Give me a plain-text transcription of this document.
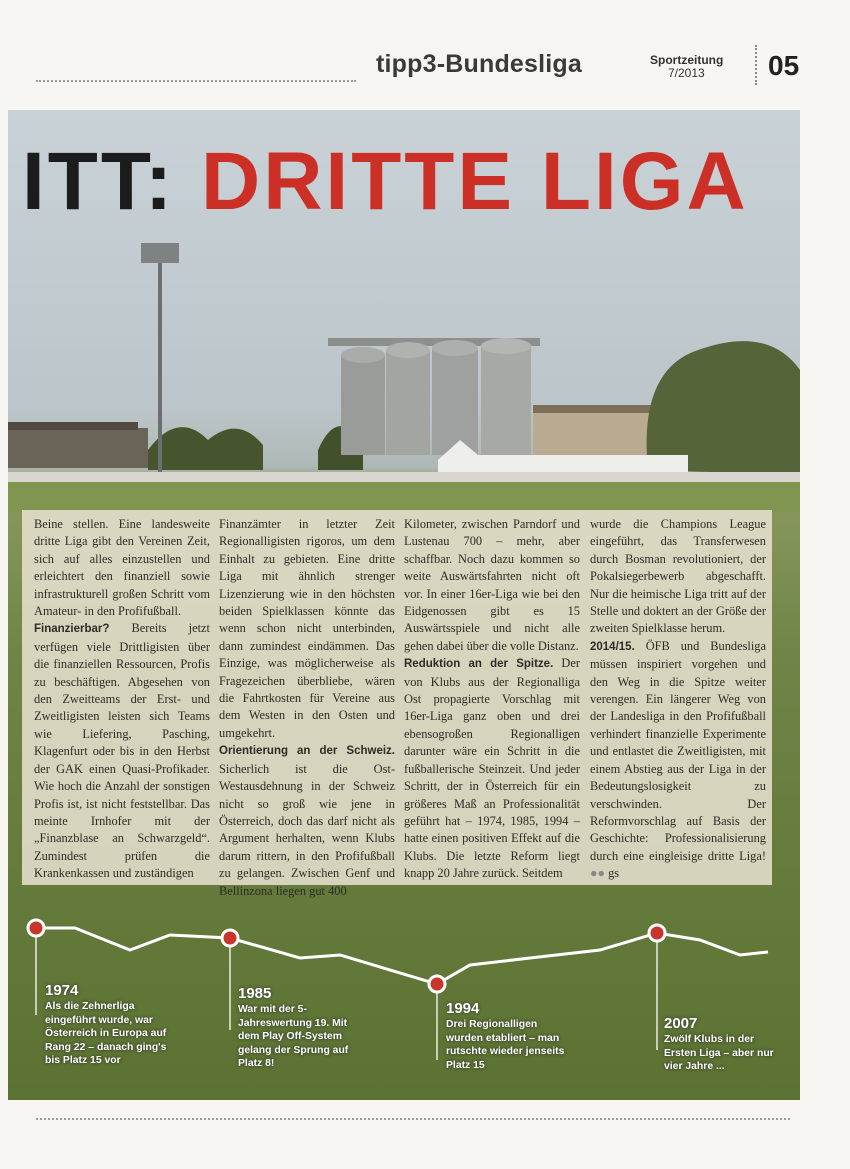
tipp3-Bundesliga	Sportzeitung
7/2013 05
ITT: DRITTE LIGA

Beine stellen. Eine landesweite dritte Liga gibt den Vereinen Zeit, sich auf alles einzustellen und erleichtert den finanziell sowie infrastrukturell großen Schritt vom Amateur- in den Profifußball.

Finanzierbar? Bereits jetzt verfügen viele Drittligisten über die finanziellen Ressourcen, Profis zu beschäftigen. Abgesehen von den Zweitteams der Erst- und Zweitligisten leisten sich Teams wie Liefering, Pasching, Klagenfurt oder bis in den Herbst der GAK einen Quasi-Profikader. Wie hoch die Anzahl der sonstigen Profis ist, ist nicht feststellbar. Das meinte Irnhofer mit der „Finanzblase an Schwarzgeld“. Zumindest prüfen die Krankenkassen und zuständigen

Finanzämter in letzter Zeit Regionalligisten rigoros, um dem Einhalt zu gebieten. Eine dritte Liga mit ähnlich strenger Lizenzierung wie in den höchsten beiden Spielklassen könnte das wenn schon nicht unterbinden, dann zumindest eindämmen. Das Einzige, was möglicherweise als Fragezeichen überbliebe, wären die Fahrtkosten für Vereine aus dem Westen in den Osten und umgekehrt.

Orientierung an der Schweiz. Sicherlich ist die Ost-Westausdehnung in der Schweiz nicht so groß wie jene in Österreich, doch das darf nicht als Argument herhalten, wenn Klubs darum rittern, in den Profifußball zu gelangen. Zwischen Genf und Bellinzona liegen gut 400

Kilometer, zwischen Parndorf und Lustenau 700 – mehr, aber schaffbar. Noch dazu kommen so weite Auswärtsfahrten nicht oft vor. In einer 16er-Liga wie bei den Eidgenossen gibt es 15 Auswärtsspiele und nicht alle gehen dabei über die volle Distanz.

Reduktion an der Spitze. Der von Klubs aus der Regionalliga Ost propagierte Vorschlag mit 16er-Liga ganz oben und drei ebensogroßen Regionalligen darunter wäre ein Schritt in die fußballerische Steinzeit. Und jeder Schritt, der in Österreich für ein größeres Maß an Professionalität geführt hat – 1974, 1985, 1994 – hatte einen positiven Effekt auf die Klubs. Die letzte Reform liegt knapp 20 Jahre zurück. Seitdem

wurde die Champions League eingeführt, das Transferwesen durch Bosman revolutioniert, der Pokalsiegerbewerb abgeschafft. Nur die heimische Liga tritt auf der Stelle und doktert an der Größe der zweiten Spielklasse herum.

2014/15. ÖFB und Bundesliga müssen inspiriert vorgehen und den Weg in die Spitze weiter verengen. Ein längerer Weg von der Landesliga in den Profifußball verhindert finanzielle Experimente und entlastet die Zweitligisten, mit einem Abstieg aus der Liga in der Bedeutungslosigkeit zu verschwinden. Der Reformvorschlag auf Basis der Geschichte: Professionalisierung durch eine eingleisige dritte Liga! ●● gs

1974
Als die Zehnerliga eingeführt wurde, war Österreich in Europa auf Rang 22 – danach ging's bis Platz 15 vor
1985
War mit der 5-Jahreswertung 19. Mit dem Play Off-System gelang der Sprung auf Platz 8!
1994
Drei Regionalligen wurden etabliert – man rutschte wieder jenseits Platz 15
2007
Zwölf Klubs in der Ersten Liga – aber nur vier Jahre ...
